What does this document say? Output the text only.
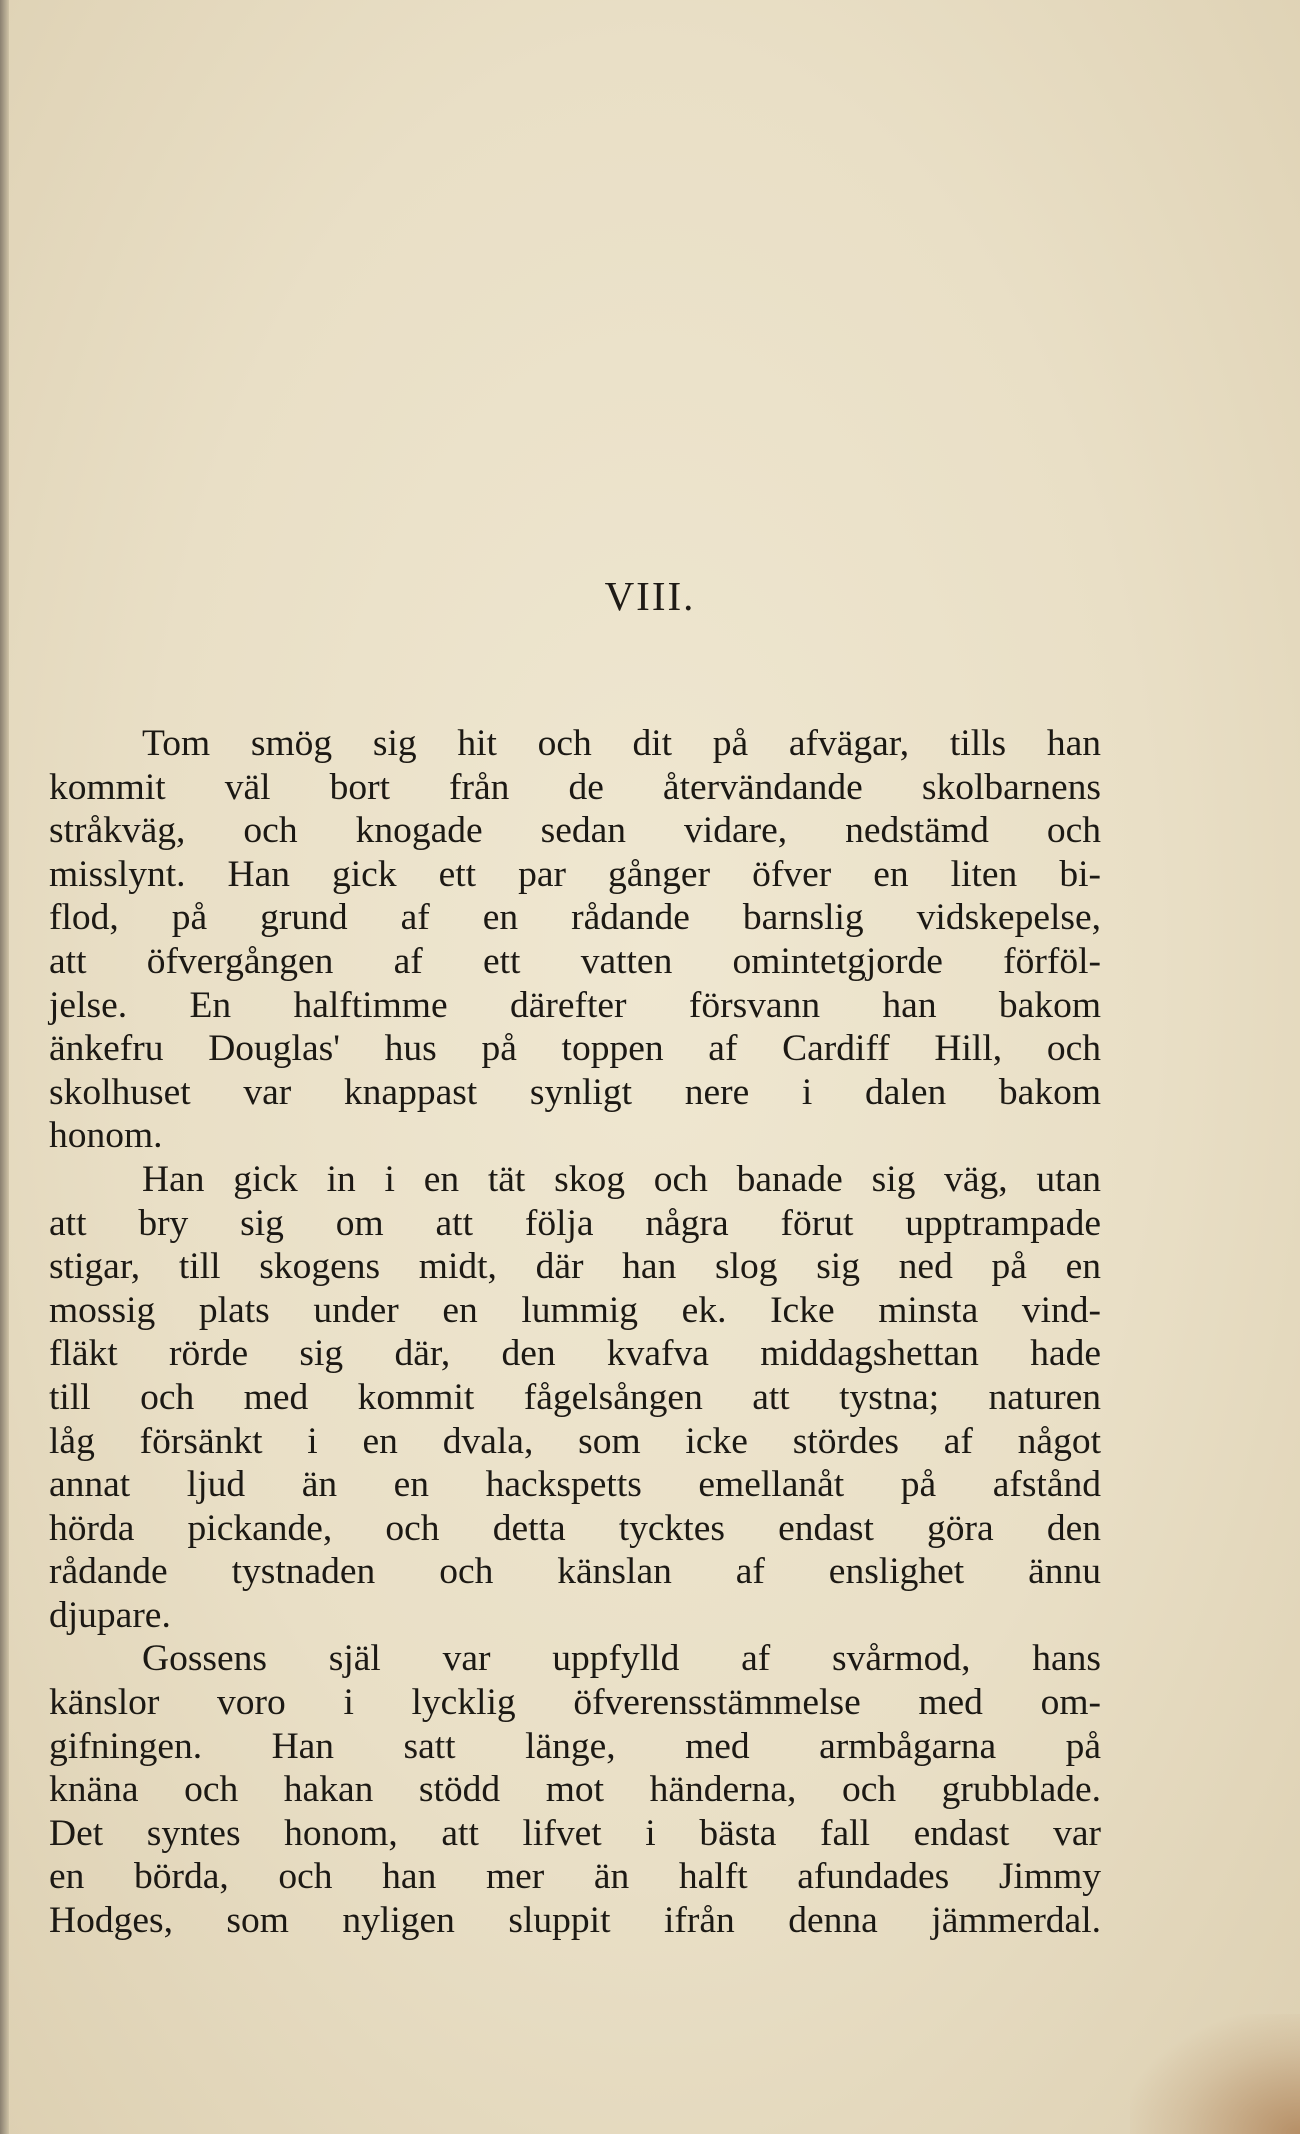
VIII.
Tom smög sig hit och dit på afvägar, tills han
kommit väl bort från de återvändande skolbarnens
stråkväg, och knogade sedan vidare, nedstämd och
misslynt. Han gick ett par gånger öfver en liten bi-
flod, på grund af en rådande barnslig vidskepelse,
att öfvergången af ett vatten omintetgjorde förföl-
jelse. En halftimme därefter försvann han bakom
änkefru Douglas' hus på toppen af Cardiff Hill, och
skolhuset var knappast synligt nere i dalen bakom
honom.
Han gick in i en tät skog och banade sig väg, utan
att bry sig om att följa några förut upptrampade
stigar, till skogens midt, där han slog sig ned på en
mossig plats under en lummig ek. Icke minsta vind-
fläkt rörde sig där, den kvafva middagshettan hade
till och med kommit fågelsången att tystna; naturen
låg försänkt i en dvala, som icke stördes af något
annat ljud än en hackspetts emellanåt på afstånd
hörda pickande, och detta tycktes endast göra den
rådande tystnaden och känslan af enslighet ännu
djupare.
Gossens själ var uppfylld af svårmod, hans
känslor voro i lycklig öfverensstämmelse med om-
gifningen. Han satt länge, med armbågarna på
knäna och hakan stödd mot händerna, och grubblade.
Det syntes honom, att lifvet i bästa fall endast var
en börda, och han mer än halft afundades Jimmy
Hodges, som nyligen sluppit ifrån denna jämmerdal.
